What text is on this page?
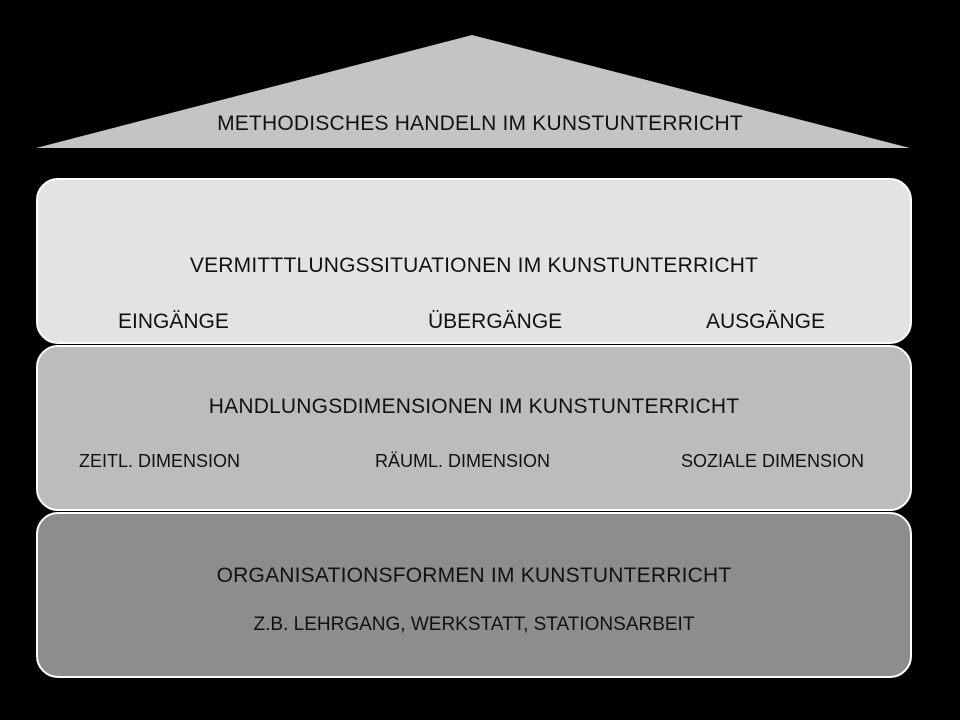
METHODISCHES HANDELN IM KUNSTUNTERRICHT
VERMITTTLUNGSSITUATIONEN IM KUNSTUNTERRICHT
EINGÄNGE	ÜBERGÄNGE	AUSGÄNGE
HANDLUNGSDIMENSIONEN IM KUNSTUNTERRICHT
ZEITL. DIMENSION	RÄUML. DIMENSION	SOZIALE DIMENSION
ORGANISATIONSFORMEN IM KUNSTUNTERRICHT
Z.B. LEHRGANG, WERKSTATT, STATIONSARBEIT
